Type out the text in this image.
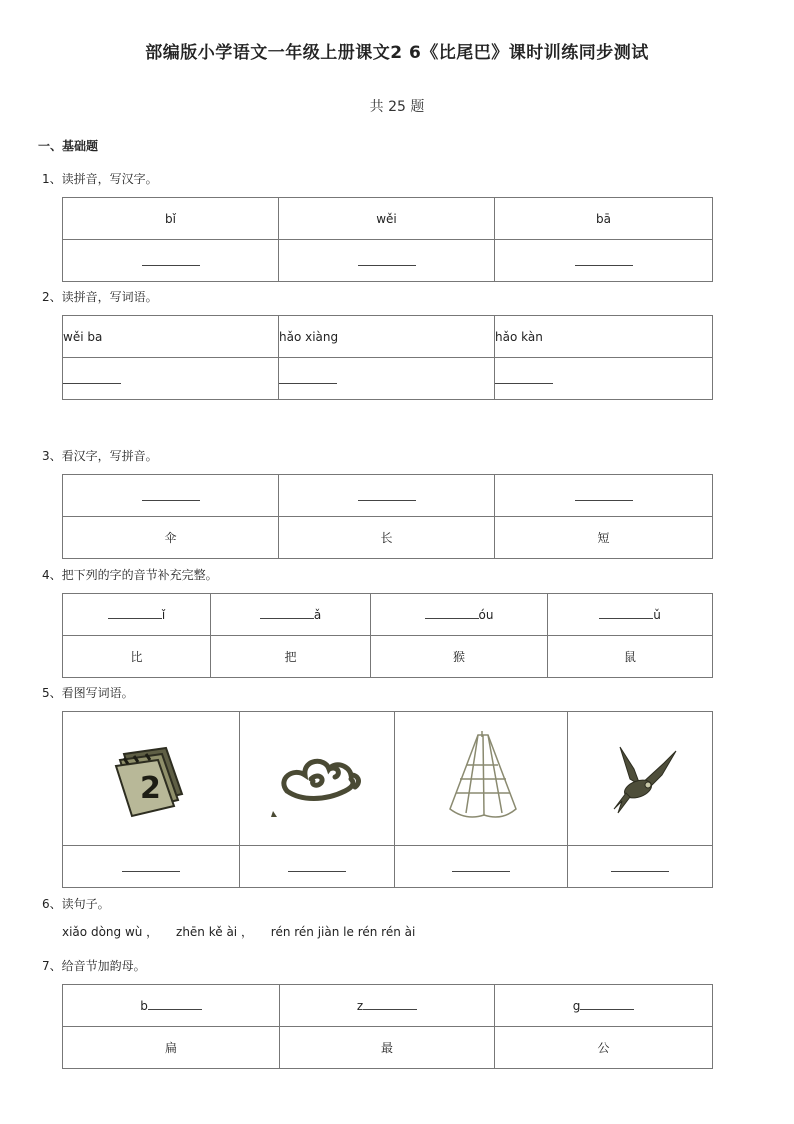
部编版小学语文一年级上册课文2 6《比尾巴》课时训练同步测试
共 25 题
一、基础题
1、读拼音，写汉字。
bǐ	wěi	bā

2、读拼音，写词语。
wěi ba	hǎo xiàng	hǎo kàn

3、看汉字，写拼音。

伞	长	短
4、把下列的字的音节补充完整。
ǐ	ǎ	óu	ǔ
比	把	猴	鼠
5、看图写词语。
2

6、读句子。
xiǎo dòng wù ， zhēn kě ài ， rén rén jiàn le rén rén ài
7、给音节加韵母。
b	z	g
扁	最	公
